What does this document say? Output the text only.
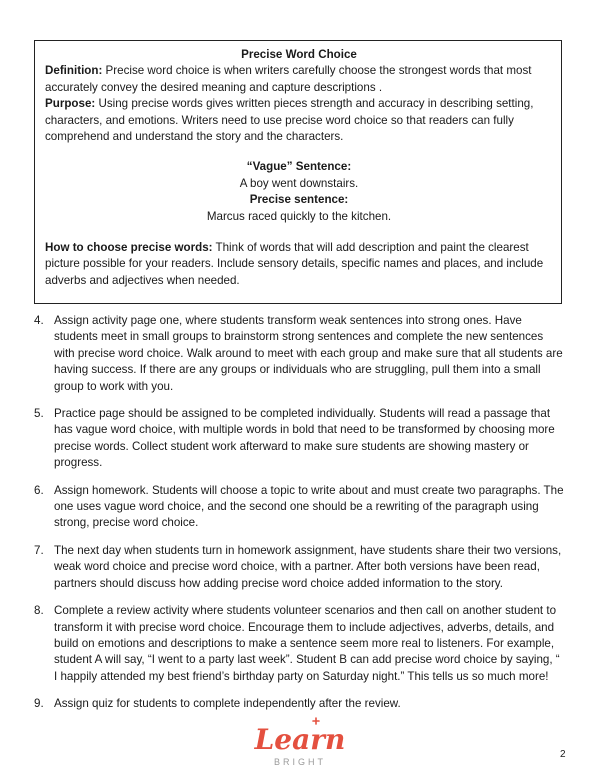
Precise Word Choice

Definition: Precise word choice is when writers carefully choose the strongest words that most accurately convey the desired meaning and capture descriptions .

Purpose: Using precise words gives written pieces strength and accuracy in describing setting, characters, and emotions. Writers need to use precise word choice so that readers can fully comprehend and understand the story and the characters.

“Vague” Sentence:

A boy went downstairs.

Precise sentence:

Marcus raced quickly to the kitchen.

How to choose precise words: Think of words that will add description and paint the clearest picture possible for your readers. Include sensory details, specific names and places, and include adverbs and adjectives when needed.

4. Assign activity page one, where students transform weak sentences into strong ones. Have students meet in small groups to brainstorm strong sentences and complete the new sentences with precise word choice. Walk around to meet with each group and make sure that all students are having success. If there are any groups or individuals who are struggling, pull them into a small group to work with you.
5. Practice page should be assigned to be completed individually. Students will read a passage that has vague word choice, with multiple words in bold that need to be transformed by choosing more precise words. Collect student work afterward to make sure students are showing mastery or progress.
6. Assign homework. Students will choose a topic to write about and must create two paragraphs. The one uses vague word choice, and the second one should be a rewriting of the paragraph using strong, precise word choice.
7. The next day when students turn in homework assignment, have students share their two versions, weak word choice and precise word choice, with a partner. After both versions have been read, partners should discuss how adding precise word choice added information to the story.
8. Complete a review activity where students volunteer scenarios and then call on another student to transform it with precise word choice. Encourage them to include adjectives, adverbs, details, and build on emotions and descriptions to make a sentence seem more real to listeners. For example, student A will say, “I went to a party last week”. Student B can add precise word choice by saying, “ I happily attended my best friend’s birthday party on Saturday night.” This tells us so much more!
9. Assign quiz for students to complete independently after the review.
Learn
BRIGHT
2
